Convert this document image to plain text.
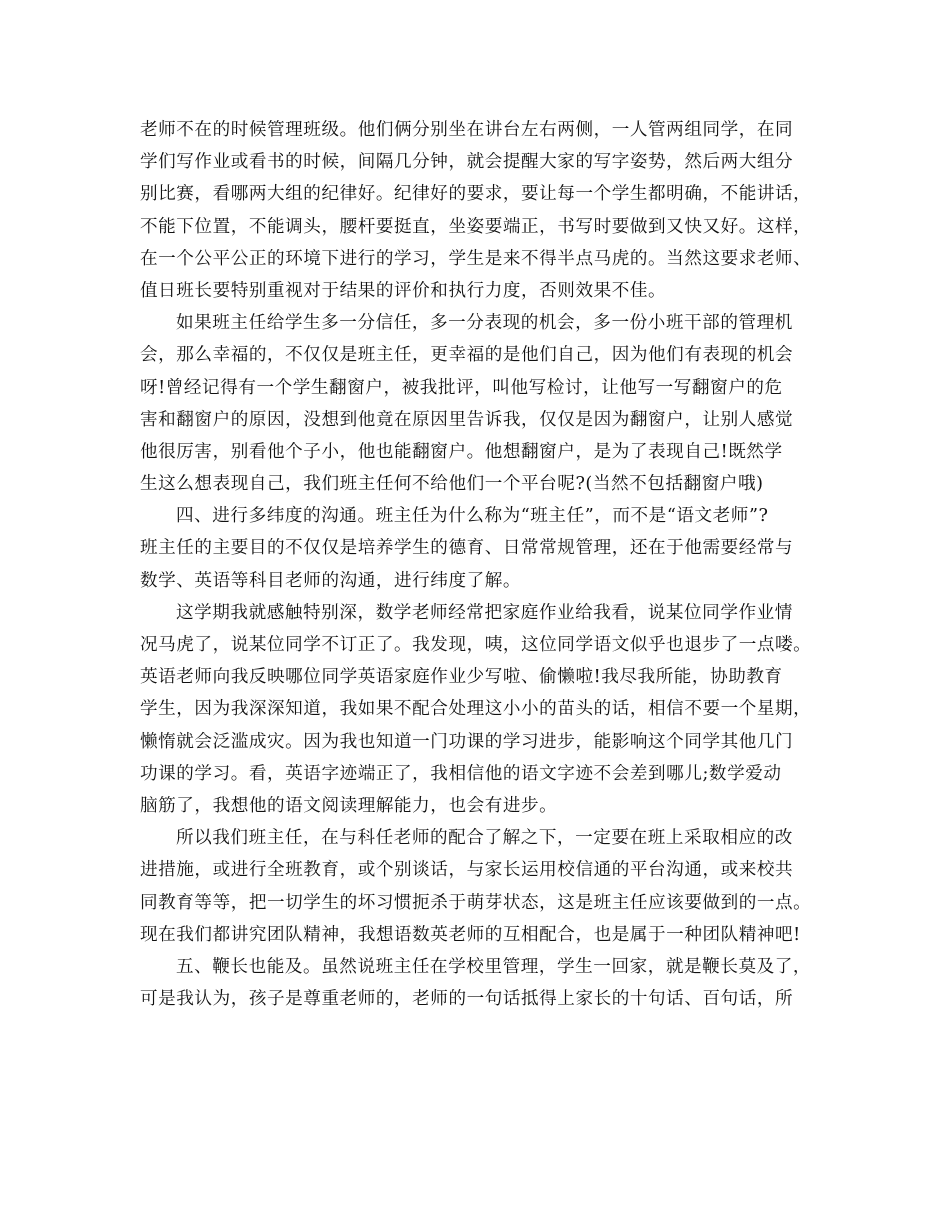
老师不在的时候管理班级。他们俩分别坐在讲台左右两侧，一人管两组同学，在同
学们写作业或看书的时候，间隔几分钟，就会提醒大家的写字姿势，然后两大组分
别比赛，看哪两大组的纪律好。纪律好的要求，要让每一个学生都明确，不能讲话，
不能下位置，不能调头，腰杆要挺直，坐姿要端正，书写时要做到又快又好。这样，
在一个公平公正的环境下进行的学习，学生是来不得半点马虎的。当然这要求老师、
值日班长要特别重视对于结果的评价和执行力度，否则效果不佳。
如果班主任给学生多一分信任，多一分表现的机会，多一份小班干部的管理机
会，那么幸福的，不仅仅是班主任，更幸福的是他们自己，因为他们有表现的机会
呀!曾经记得有一个学生翻窗户，被我批评，叫他写检讨，让他写一写翻窗户的危
害和翻窗户的原因，没想到他竟在原因里告诉我，仅仅是因为翻窗户，让别人感觉
他很厉害，别看他个子小，他也能翻窗户。他想翻窗户，是为了表现自己!既然学
生这么想表现自己，我们班主任何不给他们一个平台呢?(当然不包括翻窗户哦)
四、进行多纬度的沟通。班主任为什么称为“班主任”，而不是“语文老师”?
班主任的主要目的不仅仅是培养学生的德育、日常常规管理，还在于他需要经常与
数学、英语等科目老师的沟通，进行纬度了解。
这学期我就感触特别深，数学老师经常把家庭作业给我看，说某位同学作业情
况马虎了，说某位同学不订正了。我发现，咦，这位同学语文似乎也退步了一点喽。
英语老师向我反映哪位同学英语家庭作业少写啦、偷懒啦!我尽我所能，协助教育
学生，因为我深深知道，我如果不配合处理这小小的苗头的话，相信不要一个星期，
懒惰就会泛滥成灾。因为我也知道一门功课的学习进步，能影响这个同学其他几门
功课的学习。看，英语字迹端正了，我相信他的语文字迹不会差到哪儿;数学爱动
脑筋了，我想他的语文阅读理解能力，也会有进步。
所以我们班主任，在与科任老师的配合了解之下，一定要在班上采取相应的改
进措施，或进行全班教育，或个别谈话，与家长运用校信通的平台沟通，或来校共
同教育等等，把一切学生的坏习惯扼杀于萌芽状态，这是班主任应该要做到的一点。
现在我们都讲究团队精神，我想语数英老师的互相配合，也是属于一种团队精神吧!
五、鞭长也能及。虽然说班主任在学校里管理，学生一回家，就是鞭长莫及了，
可是我认为，孩子是尊重老师的，老师的一句话抵得上家长的十句话、百句话，所
